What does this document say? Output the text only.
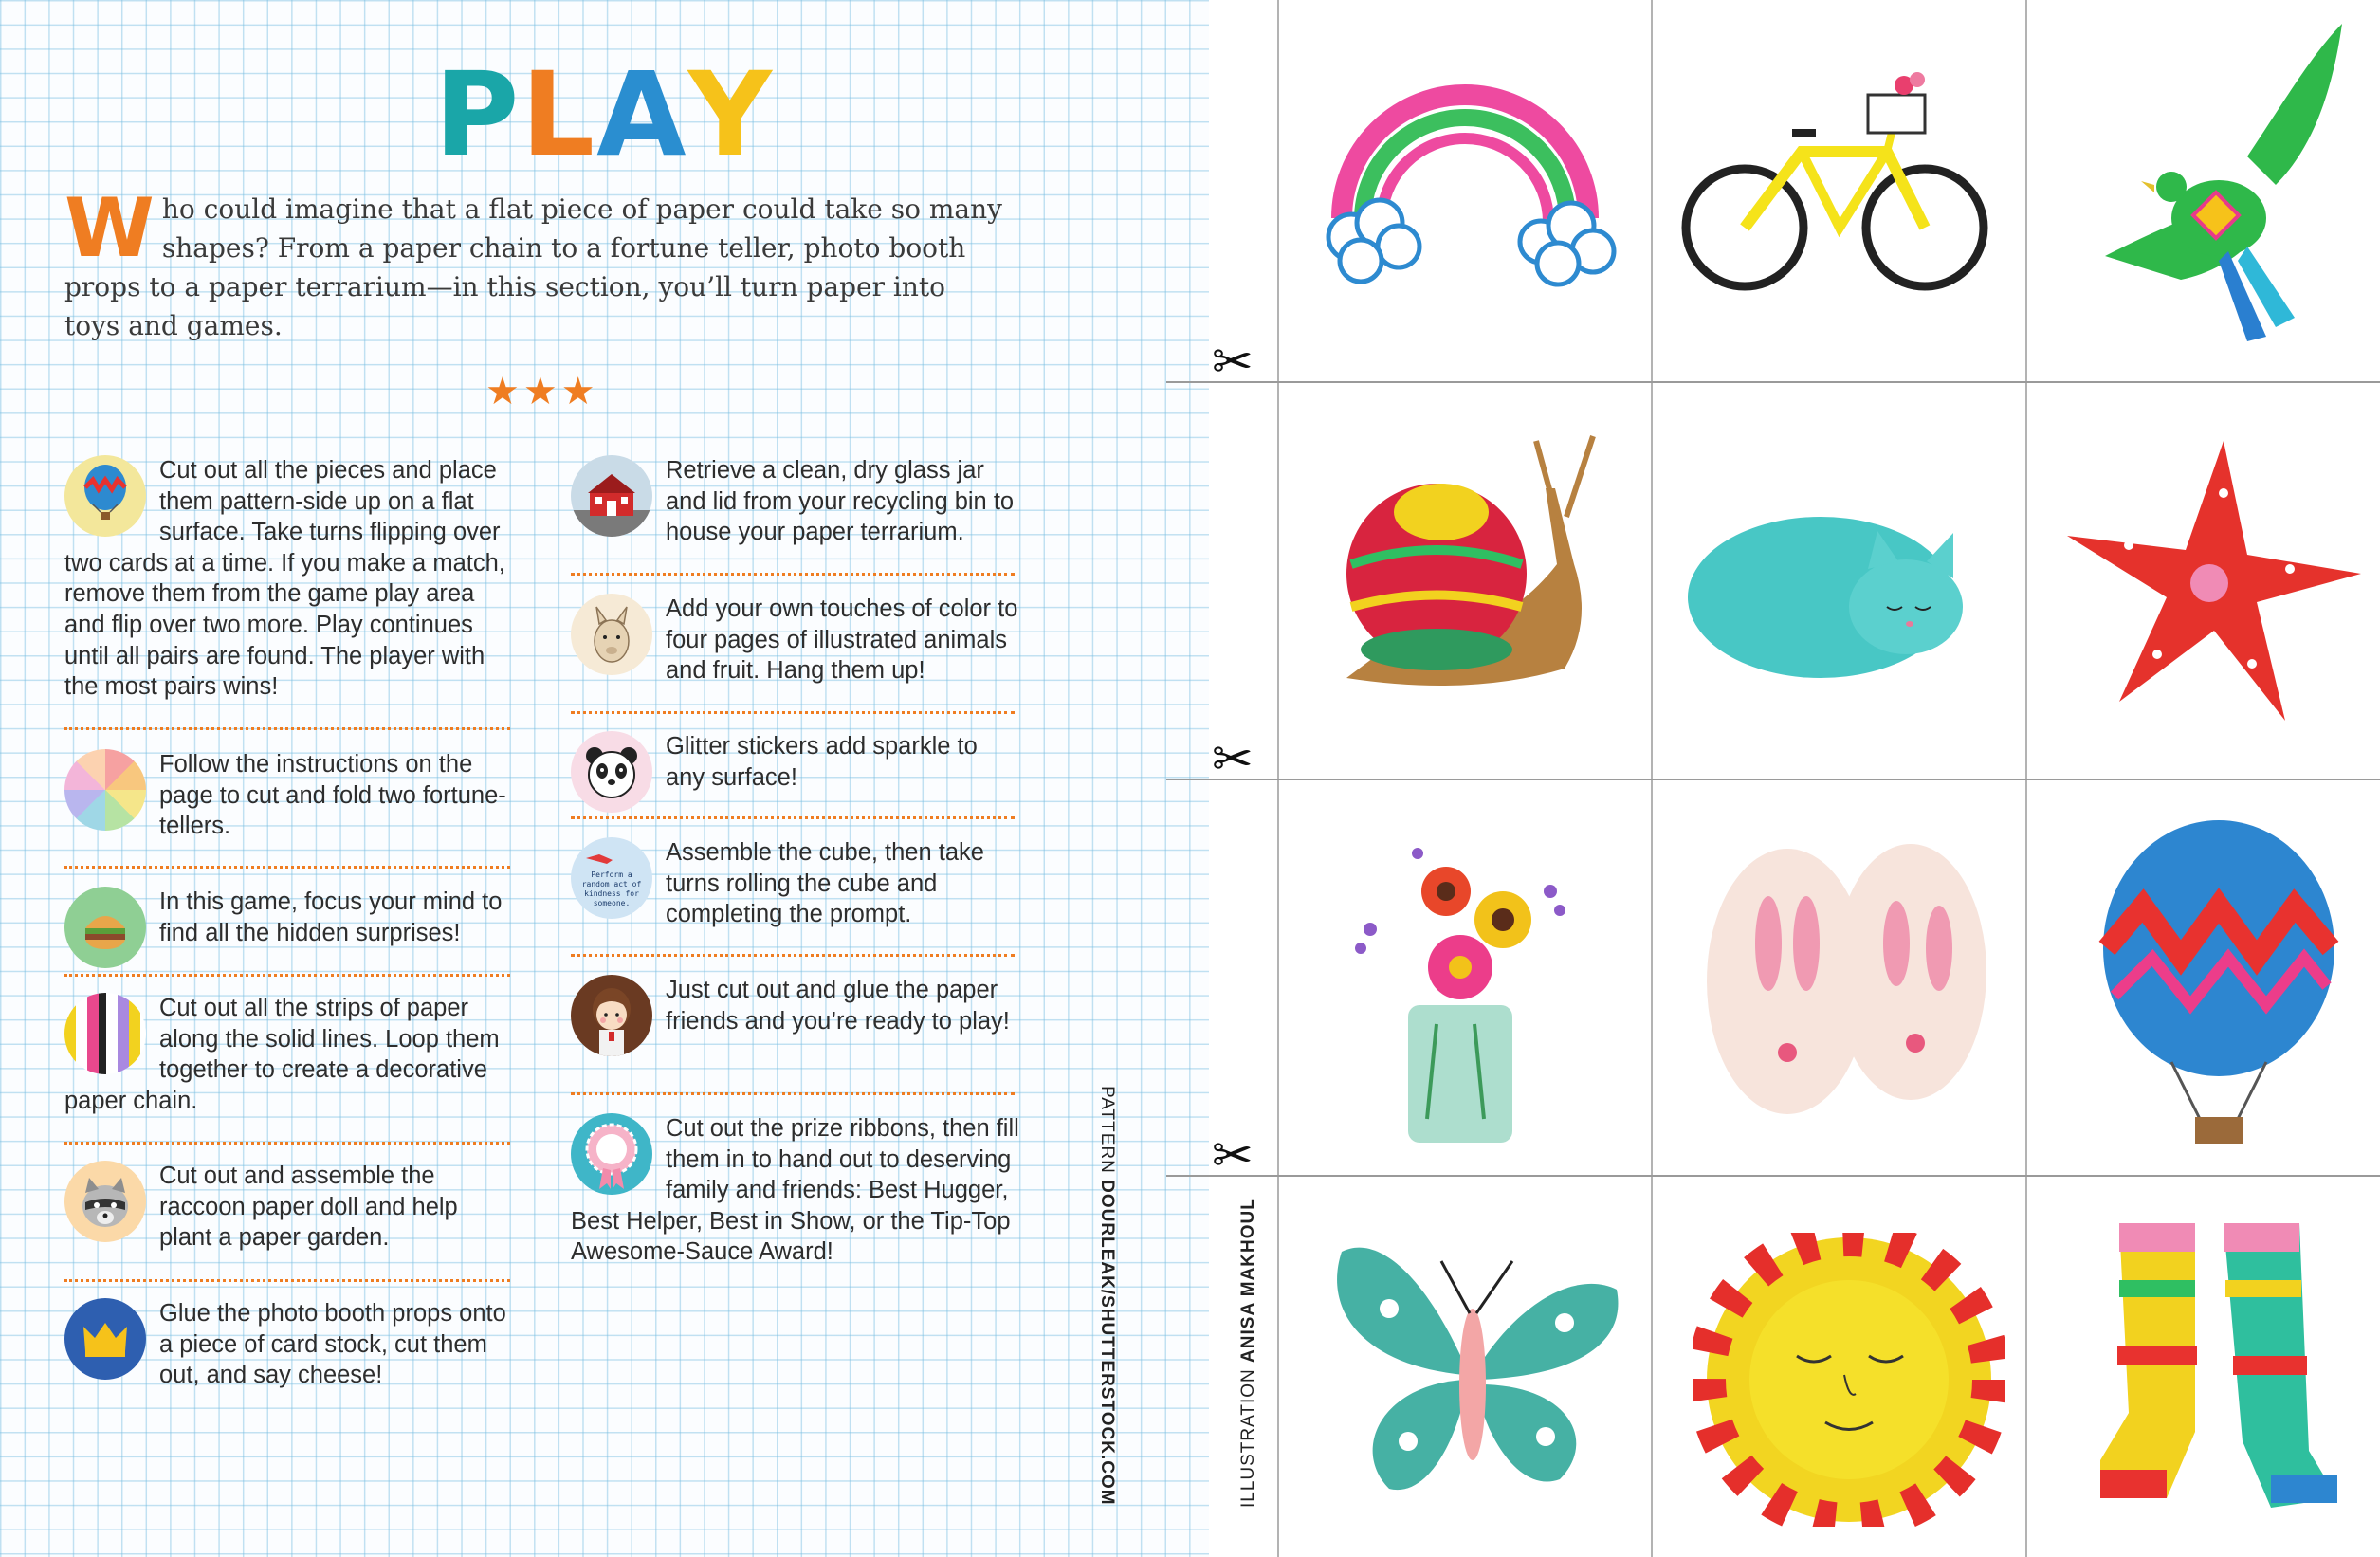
P L A Y
W ho could imagine that a flat piece of paper could take so many shapes? From a paper chain to a fortune teller, photo booth props to a paper terrarium—in this section, you’ll turn paper into toys and games.
★★★
Cut out all the pieces and place them pattern-side up on a flat surface. Take turns flipping over two cards at a time. If you make a match, remove them from the game play area and flip over two more. Play continues until all pairs are found. The player with the most pairs wins!
Follow the instructions on the page to cut and fold two fortune-tellers.
In this game, focus your mind to find all the hidden surprises!
Cut out all the strips of paper along the solid lines. Loop them together to create a decorative paper chain.
Cut out and assemble the raccoon paper doll and help plant a paper garden.
Glue the photo booth props onto a piece of card stock, cut them out, and say cheese!
Retrieve a clean, dry glass jar and lid from your recycling bin to house your paper terrarium.
Add your own touches of color to four pages of illustrated animals and fruit. Hang them up!
Glitter stickers add sparkle to any surface!
Perform a
random act of
kindness for
someone.
Assemble the cube, then take turns rolling the cube and completing the prompt.
Just cut out and glue the paper friends and you’re ready to play!
Cut out the prize ribbons, then fill them in to hand out to deserving family and friends: Best Hugger, Best Helper, Best in Show, or the Tip-Top Awesome-Sauce Award!
PATTERN DOURLEAK/SHUTTERSTOCK.COM	ILLUSTRATION ANISA MAKHOUL
✂
✂
✂
